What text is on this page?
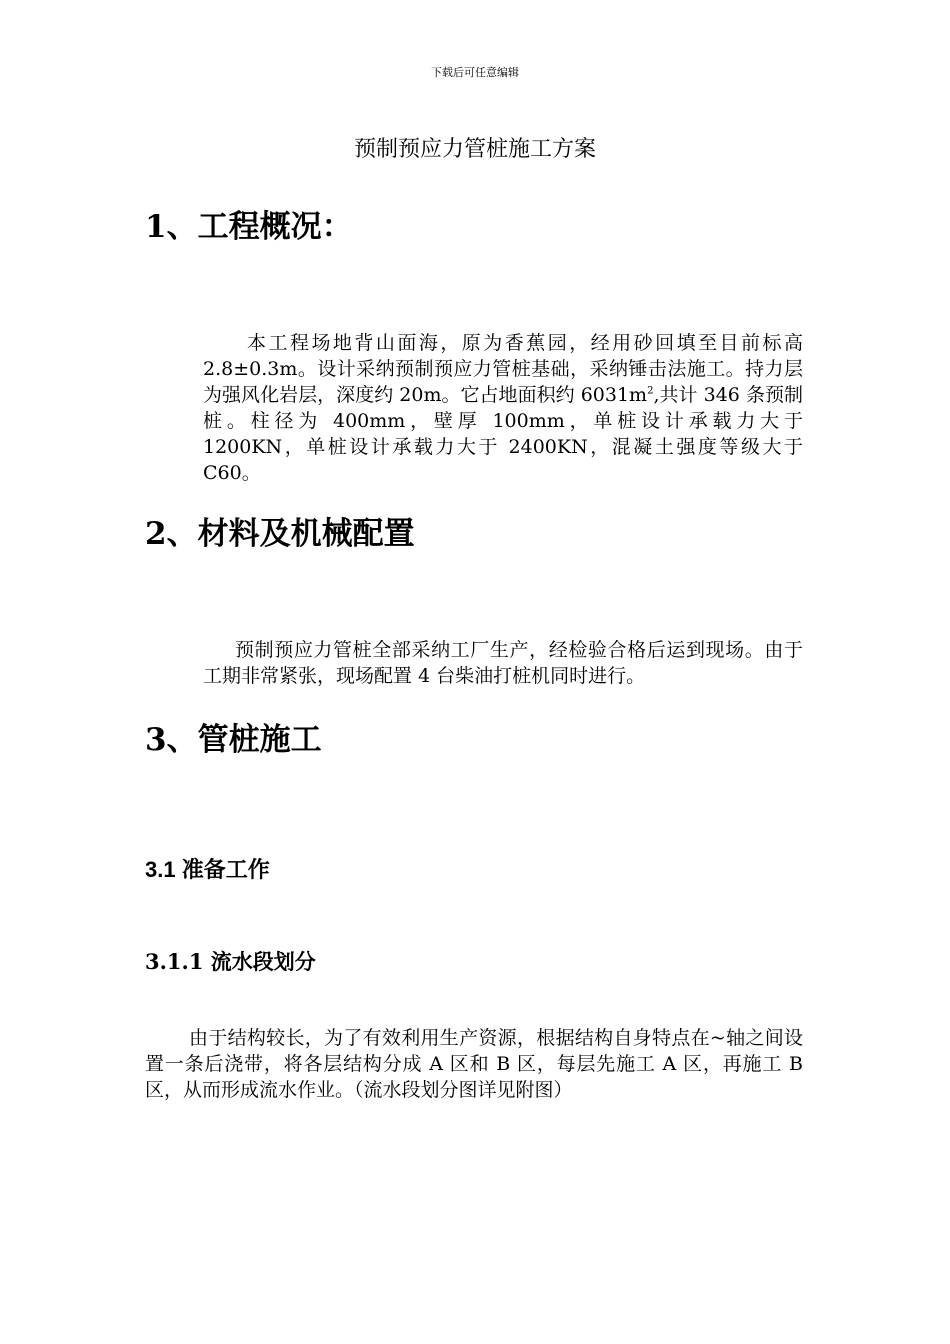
下载后可任意编辑
预制预应力管桩施工方案
1、工程概况：

本工程场地背山面海，原为香蕉园，经用砂回填至目前标高 2.8±0.3m。设计采纳预制预应力管桩基础，采纳锤击法施工。持力层为强风化岩层，深度约 20m。它占地面积约 $6031m^2$,共计 346 条预制桩。柱径为 400mm，壁厚 100mm，单桩设计承载力大于 1200KN，单桩设计承载力大于 2400KN，混凝土强度等级大于 C60。

2、材料及机械配置

预制预应力管桩全部采纳工厂生产，经检验合格后运到现场。由于工期非常紧张，现场配置 4 台柴油打桩机同时进行。

3、管桩施工
3.1 准备工作
3.1.1 流水段划分

由于结构较长，为了有效利用生产资源，根据结构自身特点在~轴之间设置一条后浇带，将各层结构分成 A 区和 B 区，每层先施工 A 区，再施工 B 区，从而形成流水作业。（流水段划分图详见附图）
